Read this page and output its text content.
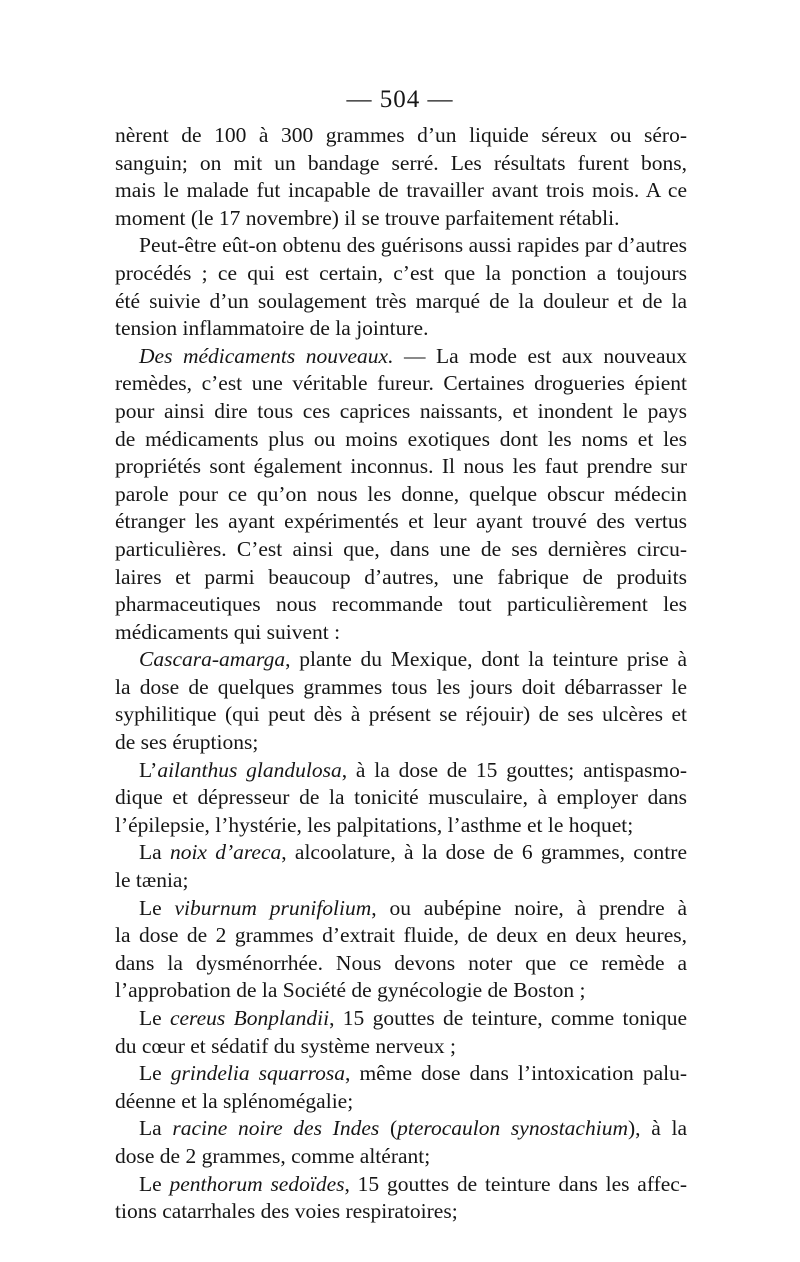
— 504 —
nèrent de 100 à 300 grammes d’un liquide séreux ou séro-
sanguin; on mit un bandage serré. Les résultats furent bons,
mais le malade fut incapable de travailler avant trois mois. A ce
moment (le 17 novembre) il se trouve parfaitement rétabli.
Peut-être eût-on obtenu des guérisons aussi rapides par d’autres
procédés ; ce qui est certain, c’est que la ponction a toujours
été suivie d’un soulagement très marqué de la douleur et de la
tension inflammatoire de la jointure.
Des médicaments nouveaux. — La mode est aux nouveaux
remèdes, c’est une véritable fureur. Certaines drogueries épient
pour ainsi dire tous ces caprices naissants, et inondent le pays
de médicaments plus ou moins exotiques dont les noms et les
propriétés sont également inconnus. Il nous les faut prendre sur
parole pour ce qu’on nous les donne, quelque obscur médecin
étranger les ayant expérimentés et leur ayant trouvé des vertus
particulières. C’est ainsi que, dans une de ses dernières circu-
laires et parmi beaucoup d’autres, une fabrique de produits
pharmaceutiques nous recommande tout particulièrement les
médicaments qui suivent :
Cascara-amarga, plante du Mexique, dont la teinture prise à
la dose de quelques grammes tous les jours doit débarrasser le
syphilitique (qui peut dès à présent se réjouir) de ses ulcères et
de ses éruptions;
L’ailanthus glandulosa, à la dose de 15 gouttes; antispasmo-
dique et dépresseur de la tonicité musculaire, à employer dans
l’épilepsie, l’hystérie, les palpitations, l’asthme et le hoquet;
La noix d’areca, alcoolature, à la dose de 6 grammes, contre
le tænia;
Le viburnum prunifolium, ou aubépine noire, à prendre à
la dose de 2 grammes d’extrait fluide, de deux en deux heures,
dans la dysménorrhée. Nous devons noter que ce remède a
l’approbation de la Société de gynécologie de Boston ;
Le cereus Bonplandii, 15 gouttes de teinture, comme tonique
du cœur et sédatif du système nerveux ;
Le grindelia squarrosa, même dose dans l’intoxication palu-
déenne et la splénomégalie;
La racine noire des Indes (pterocaulon synostachium), à la
dose de 2 grammes, comme altérant;
Le penthorum sedoïdes, 15 gouttes de teinture dans les affec-
tions catarrhales des voies respiratoires;
